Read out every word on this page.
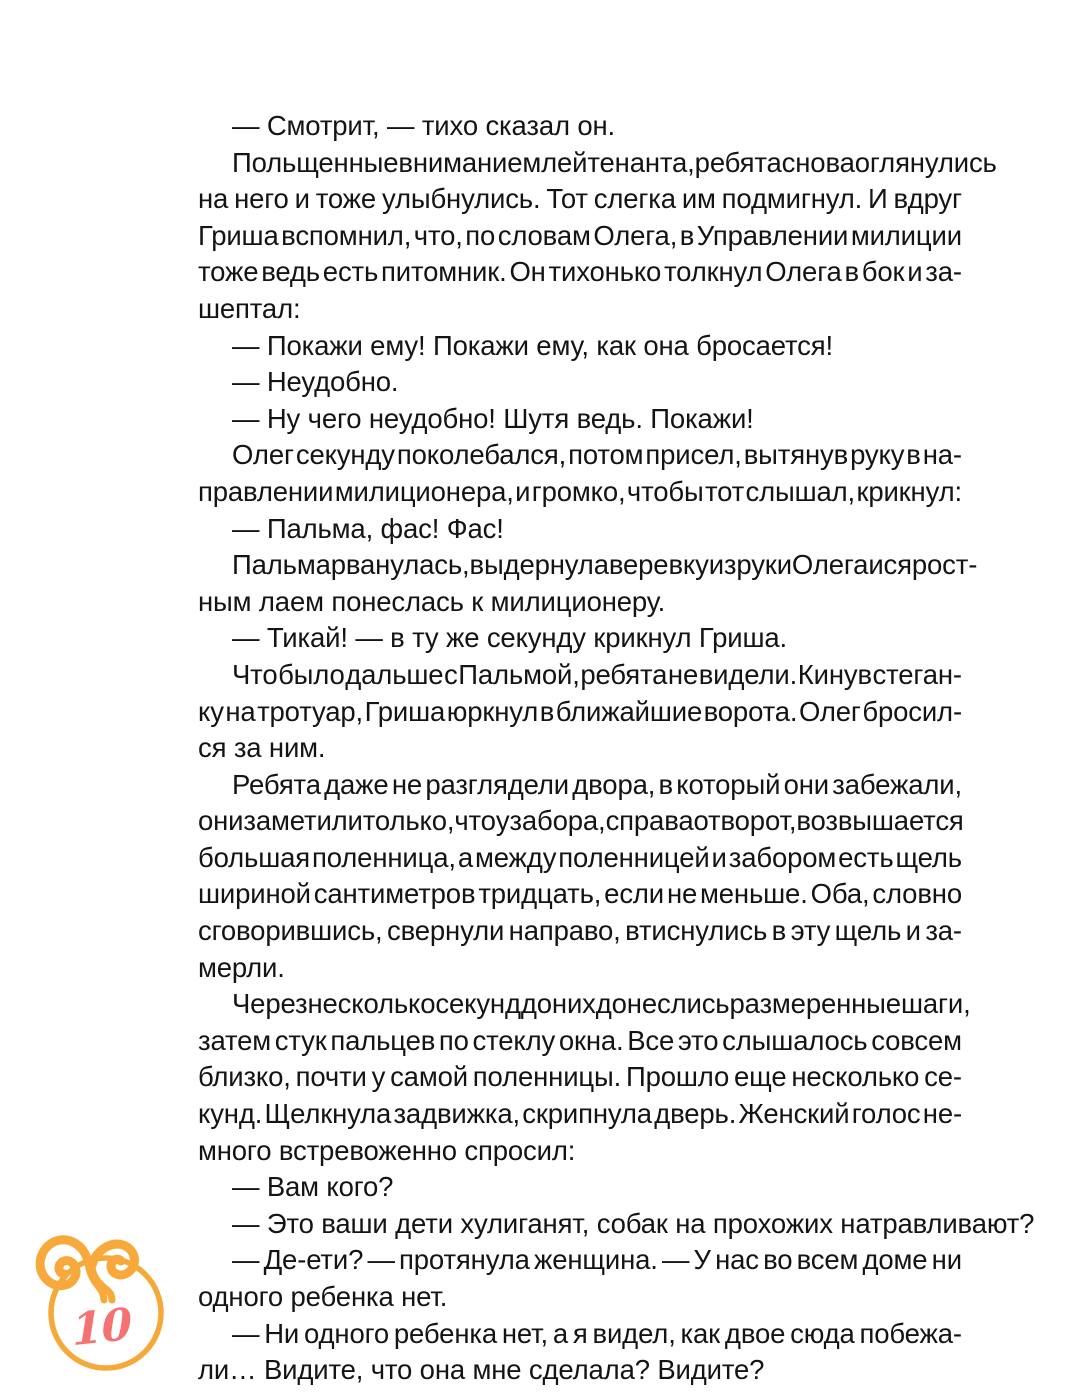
— Смотрит, — тихо сказал он.

Польщенные вниманием лейтенанта, ребята снова оглянулись
на него и тоже улыбнулись. Тот слегка им подмигнул. И вдруг
Гриша вспомнил, что, по словам Олега, в Управлении милиции
тоже ведь есть питомник. Он тихонько толкнул Олега в бок и за-
шептал:

— Покажи ему! Покажи ему, как она бросается!

— Неудобно.

— Ну чего неудобно! Шутя ведь. Покажи!

Олег секунду поколебался, потом присел, вытянув руку в на-
правлении милиционера, и громко, чтобы тот слышал, крикнул:

— Пальма, фас! Фас!

Пальма рванулась, выдернула веревку из руки Олега и с ярост-
ным лаем понеслась к милиционеру.

— Тикай! — в ту же секунду крикнул Гриша.

Что было дальше с Пальмой, ребята не видели. Кинув стеган-
ку на тротуар, Гриша юркнул в ближайшие ворота. Олег бросил-
ся за ним.

Ребята даже не разглядели двора, в который они забежали,
они заметили только, что у забора, справа от ворот, возвышается
большая поленница, а между поленницей и забором есть щель
шириной сантиметров тридцать, если не меньше. Оба, словно
сговорившись, свернули направо, втиснулись в эту щель и за-
мерли.

Через несколько секунд до них донеслись размеренные шаги,
затем стук пальцев по стеклу окна. Все это слышалось совсем
близко, почти у самой поленницы. Прошло еще несколько се-
кунд. Щелкнула задвижка, скрипнула дверь. Женский голос не-
много встревоженно спросил:

— Вам кого?

— Это ваши дети хулиганят, собак на прохожих натравливают?

— Де-ети? — протянула женщина. — У нас во всем доме ни
одного ребенка нет.

— Ни одного ребенка нет, а я видел, как двое сюда побежа-
ли… Видите, что она мне сделала? Видите?

10
